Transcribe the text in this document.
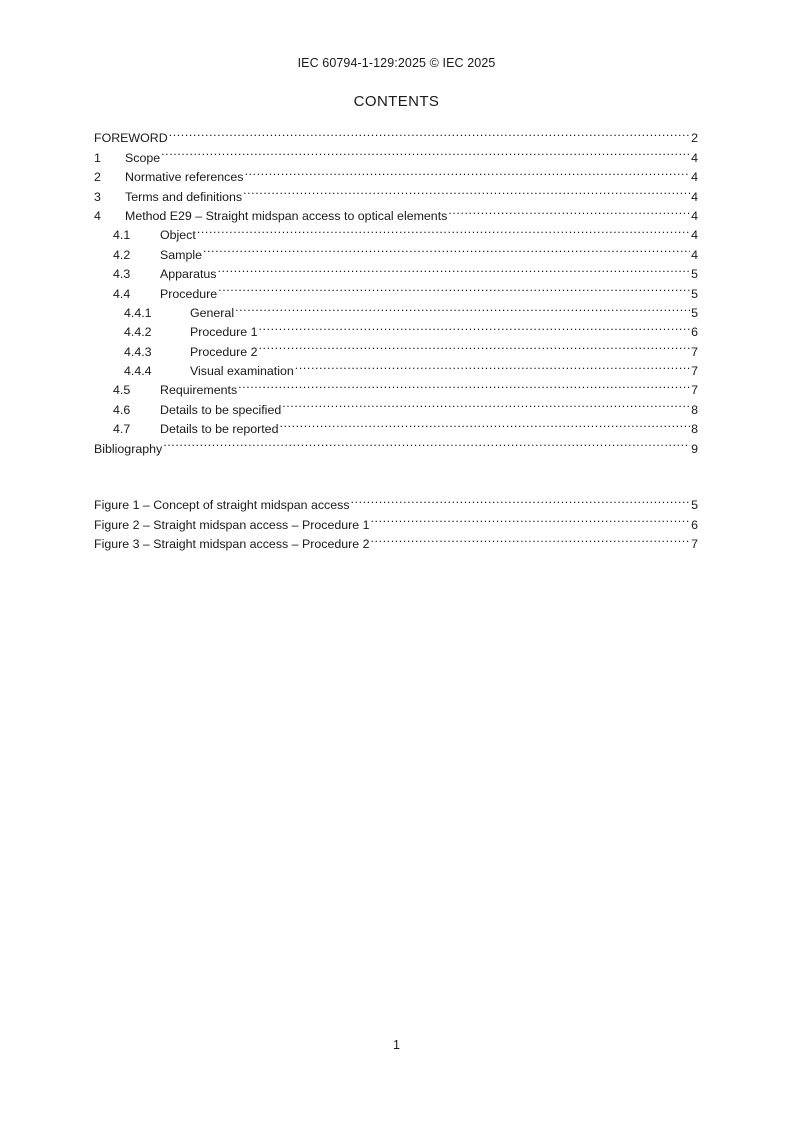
IEC 60794-1-129:2025 © IEC 2025
CONTENTS
FOREWORD .....	2
1	Scope .....	4
2	Normative references .....	4
3	Terms and definitions .....	4
4	Method E29 – Straight midspan access to optical elements .....	4
4.1	Object .....	4
4.2	Sample .....	4
4.3	Apparatus .....	5
4.4	Procedure .....	5
4.4.1	General .....	5
4.4.2	Procedure 1 .....	6
4.4.3	Procedure 2 .....	7
4.4.4	Visual examination .....	7
4.5	Requirements .....	7
4.6	Details to be specified .....	8
4.7	Details to be reported .....	8
Bibliography .....	9
Figure 1 – Concept of straight midspan access .....	5
Figure 2 – Straight midspan access – Procedure 1 .....	6
Figure 3 – Straight midspan access – Procedure 2 .....	7
1
